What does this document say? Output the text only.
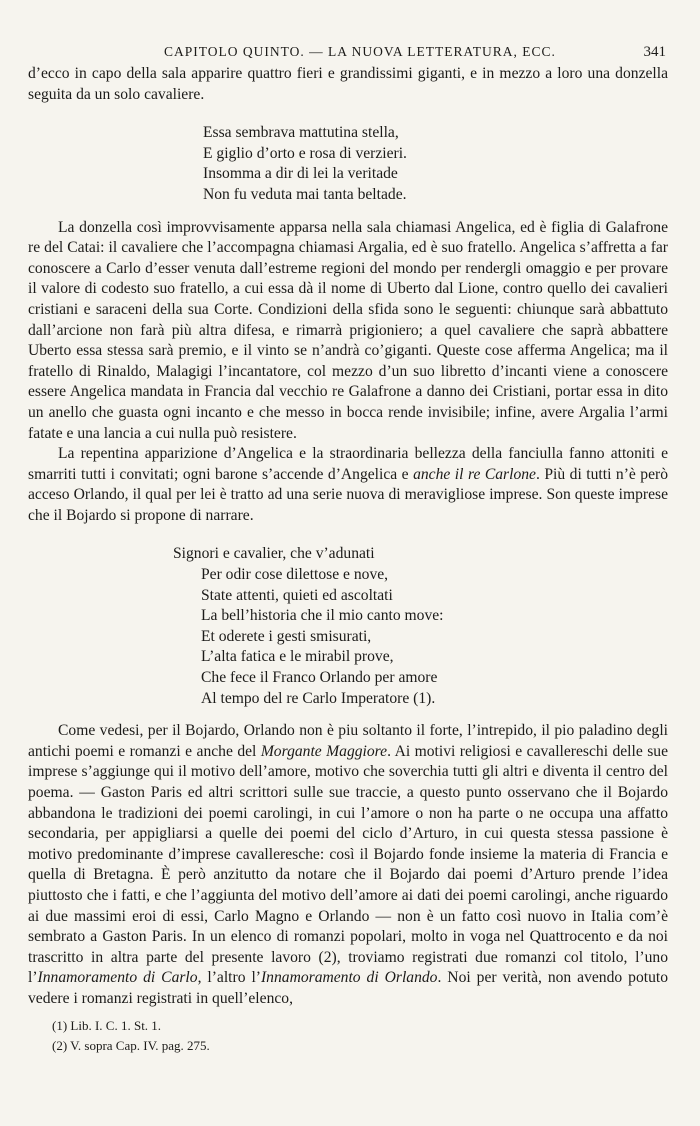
CAPITOLO QUINTO. — LA NUOVA LETTERATURA, ECC.	341

d’ecco in capo della sala apparire quattro fieri e grandissimi giganti, e in mezzo a loro una donzella seguita da un solo cavaliere.

Essa sembrava mattutina stella,
E giglio d’orto e rosa di verzieri.
Insomma a dir di lei la veritade
Non fu veduta mai tanta beltade.

La donzella così improvvisamente apparsa nella sala chiamasi Angelica, ed è figlia di Galafrone re del Catai: il cavaliere che l’accompagna chiamasi Argalia, ed è suo fratello. Angelica s’affretta a far conoscere a Carlo d’esser venuta dall’estreme regioni del mondo per rendergli omaggio e per provare il valore di codesto suo fratello, a cui essa dà il nome di Uberto dal Lione, contro quello dei cavalieri cristiani e saraceni della sua Corte. Condizioni della sfida sono le seguenti: chiunque sarà abbattuto dall’arcione non farà più altra difesa, e rimarrà prigioniero; a quel cavaliere che saprà abbattere Uberto essa stessa sarà premio, e il vinto se n’andrà co’giganti. Queste cose afferma Angelica; ma il fratello di Rinaldo, Malagigi l’incantatore, col mezzo d’un suo libretto d’incanti viene a conoscere essere Angelica mandata in Francia dal vecchio re Galafrone a danno dei Cristiani, portar essa in dito un anello che guasta ogni incanto e che messo in bocca rende invisibile; infine, avere Argalia l’armi fatate e una lancia a cui nulla può resistere.

La repentina apparizione d’Angelica e la straordinaria bellezza della fanciulla fanno attoniti e smarriti tutti i convitati; ogni barone s’accende d’Angelica e anche il re Carlone. Più di tutti n’è però acceso Orlando, il qual per lei è tratto ad una serie nuova di meravigliose imprese. Son queste imprese che il Bojardo si propone di narrare.

Signori e cavalier, che v’adunati
Per odir cose dilettose e nove,
State attenti, quieti ed ascoltati
La bell’historia che il mio canto move:
Et oderete i gesti smisurati,
L’alta fatica e le mirabil prove,
Che fece il Franco Orlando per amore
Al tempo del re Carlo Imperatore (1).

Come vedesi, per il Bojardo, Orlando non è piu soltanto il forte, l’intrepido, il pio paladino degli antichi poemi e romanzi e anche del Morgante Maggiore. Ai motivi religiosi e cavallereschi delle sue imprese s’aggiunge qui il motivo dell’amore, motivo che soverchia tutti gli altri e diventa il centro del poema. — Gaston Paris ed altri scrittori sulle sue traccie, a questo punto osservano che il Bojardo abbandona le tradizioni dei poemi carolingi, in cui l’amore o non ha parte o ne occupa una affatto secondaria, per appigliarsi a quelle dei poemi del ciclo d’Arturo, in cui questa stessa passione è motivo predominante d’imprese cavalleresche: così il Bojardo fonde insieme la materia di Francia e quella di Bretagna. È però anzitutto da notare che il Bojardo dai poemi d’Arturo prende l’idea piuttosto che i fatti, e che l’aggiunta del motivo dell’amore ai dati dei poemi carolingi, anche riguardo ai due massimi eroi di essi, Carlo Magno e Orlando — non è un fatto così nuovo in Italia com’è sembrato a Gaston Paris. In un elenco di romanzi popolari, molto in voga nel Quattrocento e da noi trascritto in altra parte del presente lavoro (2), troviamo registrati due romanzi col titolo, l’uno l’Innamoramento di Carlo, l’altro l’Innamoramento di Orlando. Noi per verità, non avendo potuto vedere i romanzi registrati in quell’elenco,

(1) Lib. I. C. 1. St. 1.
(2) V. sopra Cap. IV. pag. 275.
